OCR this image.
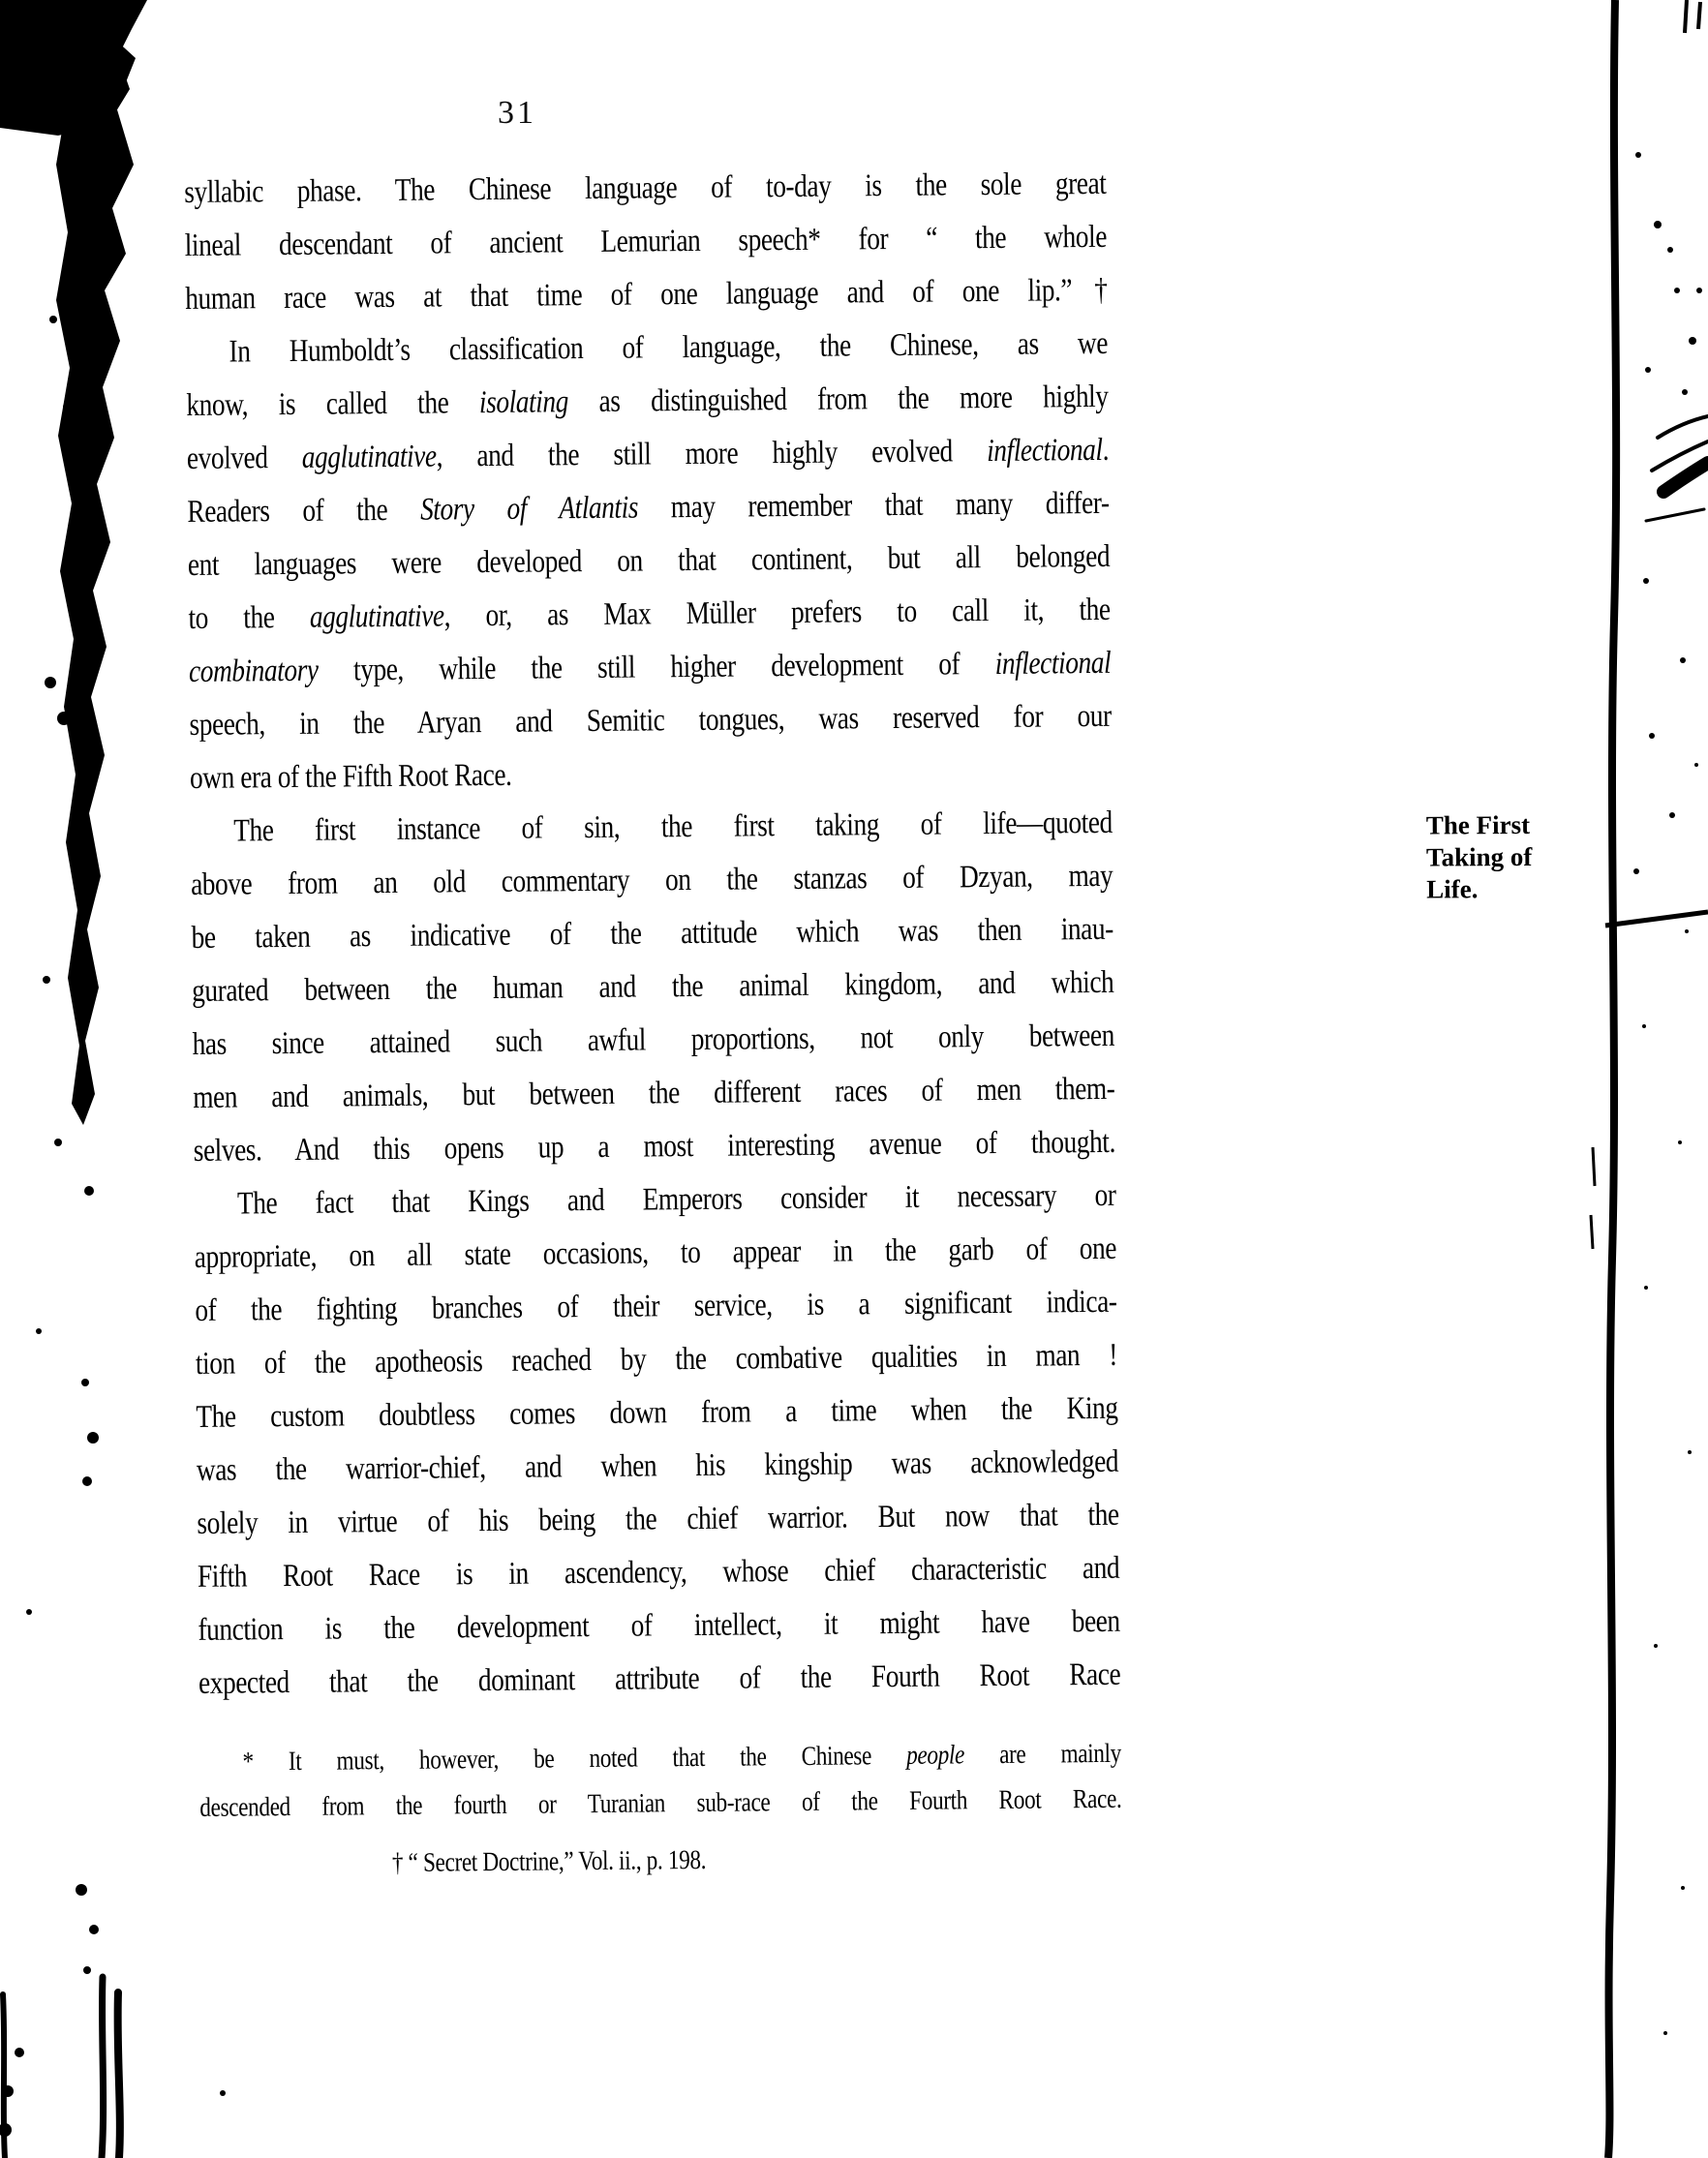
31
syllabic phase. The Chinese language of to-day is the sole great
lineal descendant of ancient Lemurian speech* for “ the whole
human race was at that time of one language and of one lip.”†
In Humboldt’s classification of language, the Chinese, as we
know, is called the isolating as distinguished from the more highly
evolved agglutinative, and the still more highly evolved inflectional.
Readers of the Story of Atlantis may remember that many differ-
ent languages were developed on that continent, but all belonged
to the agglutinative, or, as Max Müller prefers to call it, the
combinatory type, while the still higher development of inflectional
speech, in the Aryan and Semitic tongues, was reserved for our
own era of the Fifth Root Race.
The first instance of sin, the first taking of life—quoted
above from an old commentary on the stanzas of Dzyan, may
be taken as indicative of the attitude which was then inau-
gurated between the human and the animal kingdom, and which
has since attained such awful proportions, not only between
men and animals, but between the different races of men them-
selves. And this opens up a most interesting avenue of thought.
The fact that Kings and Emperors consider it necessary or
appropriate, on all state occasions, to appear in the garb of one
of the fighting branches of their service, is a significant indica-
tion of the apotheosis reached by the combative qualities in man !
The custom doubtless comes down from a time when the King
was the warrior-chief, and when his kingship was acknowledged
solely in virtue of his being the chief warrior. But now that the
Fifth Root Race is in ascendency, whose chief characteristic and
function is the development of intellect, it might have been
expected that the dominant attribute of the Fourth Root Race
* It must, however, be noted that the Chinese people are mainly
descended from the fourth or Turanian sub-race of the Fourth Root Race.
† “ Secret Doctrine,” Vol. ii., p. 198.
The First
Taking of
Life.
